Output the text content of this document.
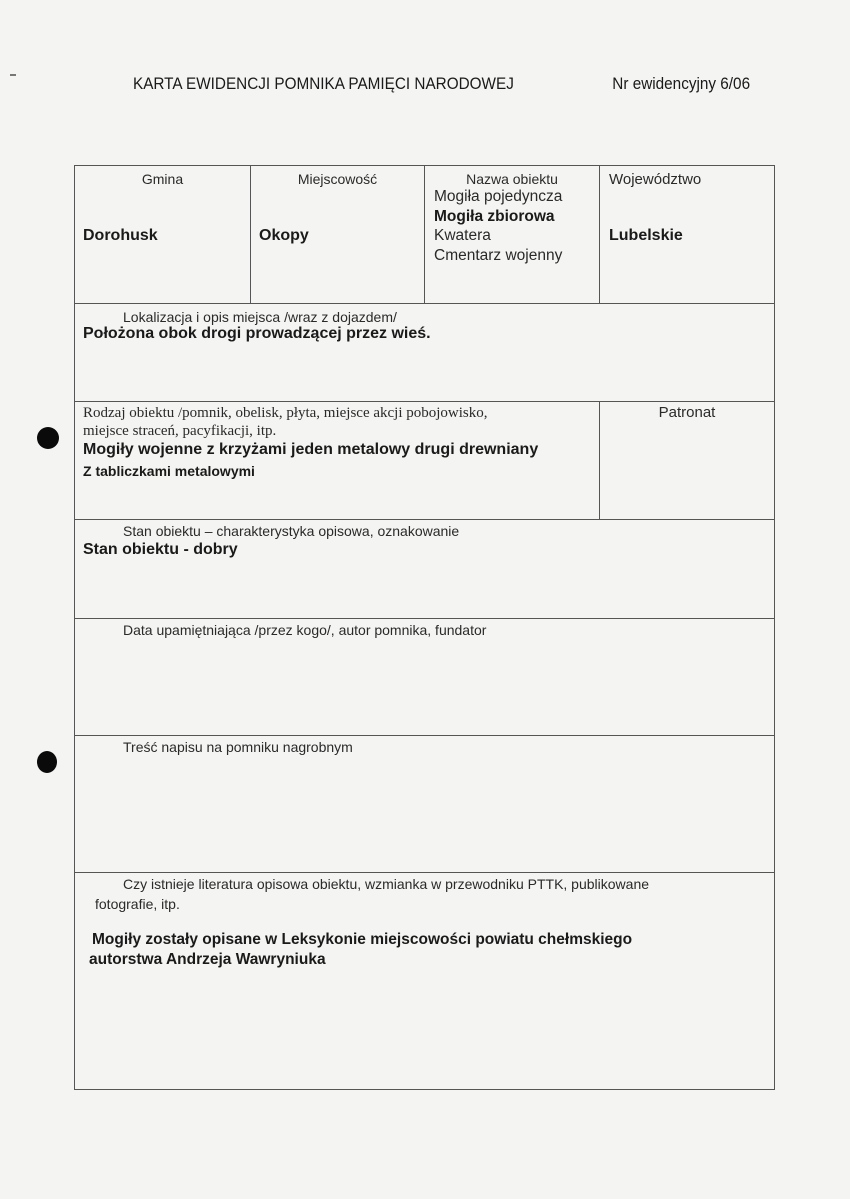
KARTA EWIDENCJI POMNIKA PAMIĘCI NARODOWEJ	Nr ewidencyjny 6/06
Gmina
Dorohusk
Miejscowość
Okopy
Nazwa obiektu
Mogiła pojedyncza
Mogiła zbiorowa
Kwatera
Cmentarz wojenny
Województwo
Lubelskie
Lokalizacja i opis miejsca /wraz z dojazdem/
Położona obok drogi prowadzącej przez wieś.
Rodzaj obiektu /pomnik, obelisk, płyta, miejsce akcji pobojowisko,
miejsce straceń, pacyfikacji, itp.
Mogiły wojenne z krzyżami jeden metalowy drugi drewniany
Z tabliczkami metalowymi
Patronat
Stan obiektu – charakterystyka opisowa, oznakowanie
Stan obiektu - dobry
Data upamiętniająca /przez kogo/, autor pomnika, fundator
Treść napisu na pomniku nagrobnym
Czy istnieje literatura opisowa obiektu, wzmianka w przewodniku PTTK, publikowane
fotografie, itp.
Mogiły zostały opisane w Leksykonie miejscowości powiatu chełmskiego
autorstwa Andrzeja Wawryniuka
